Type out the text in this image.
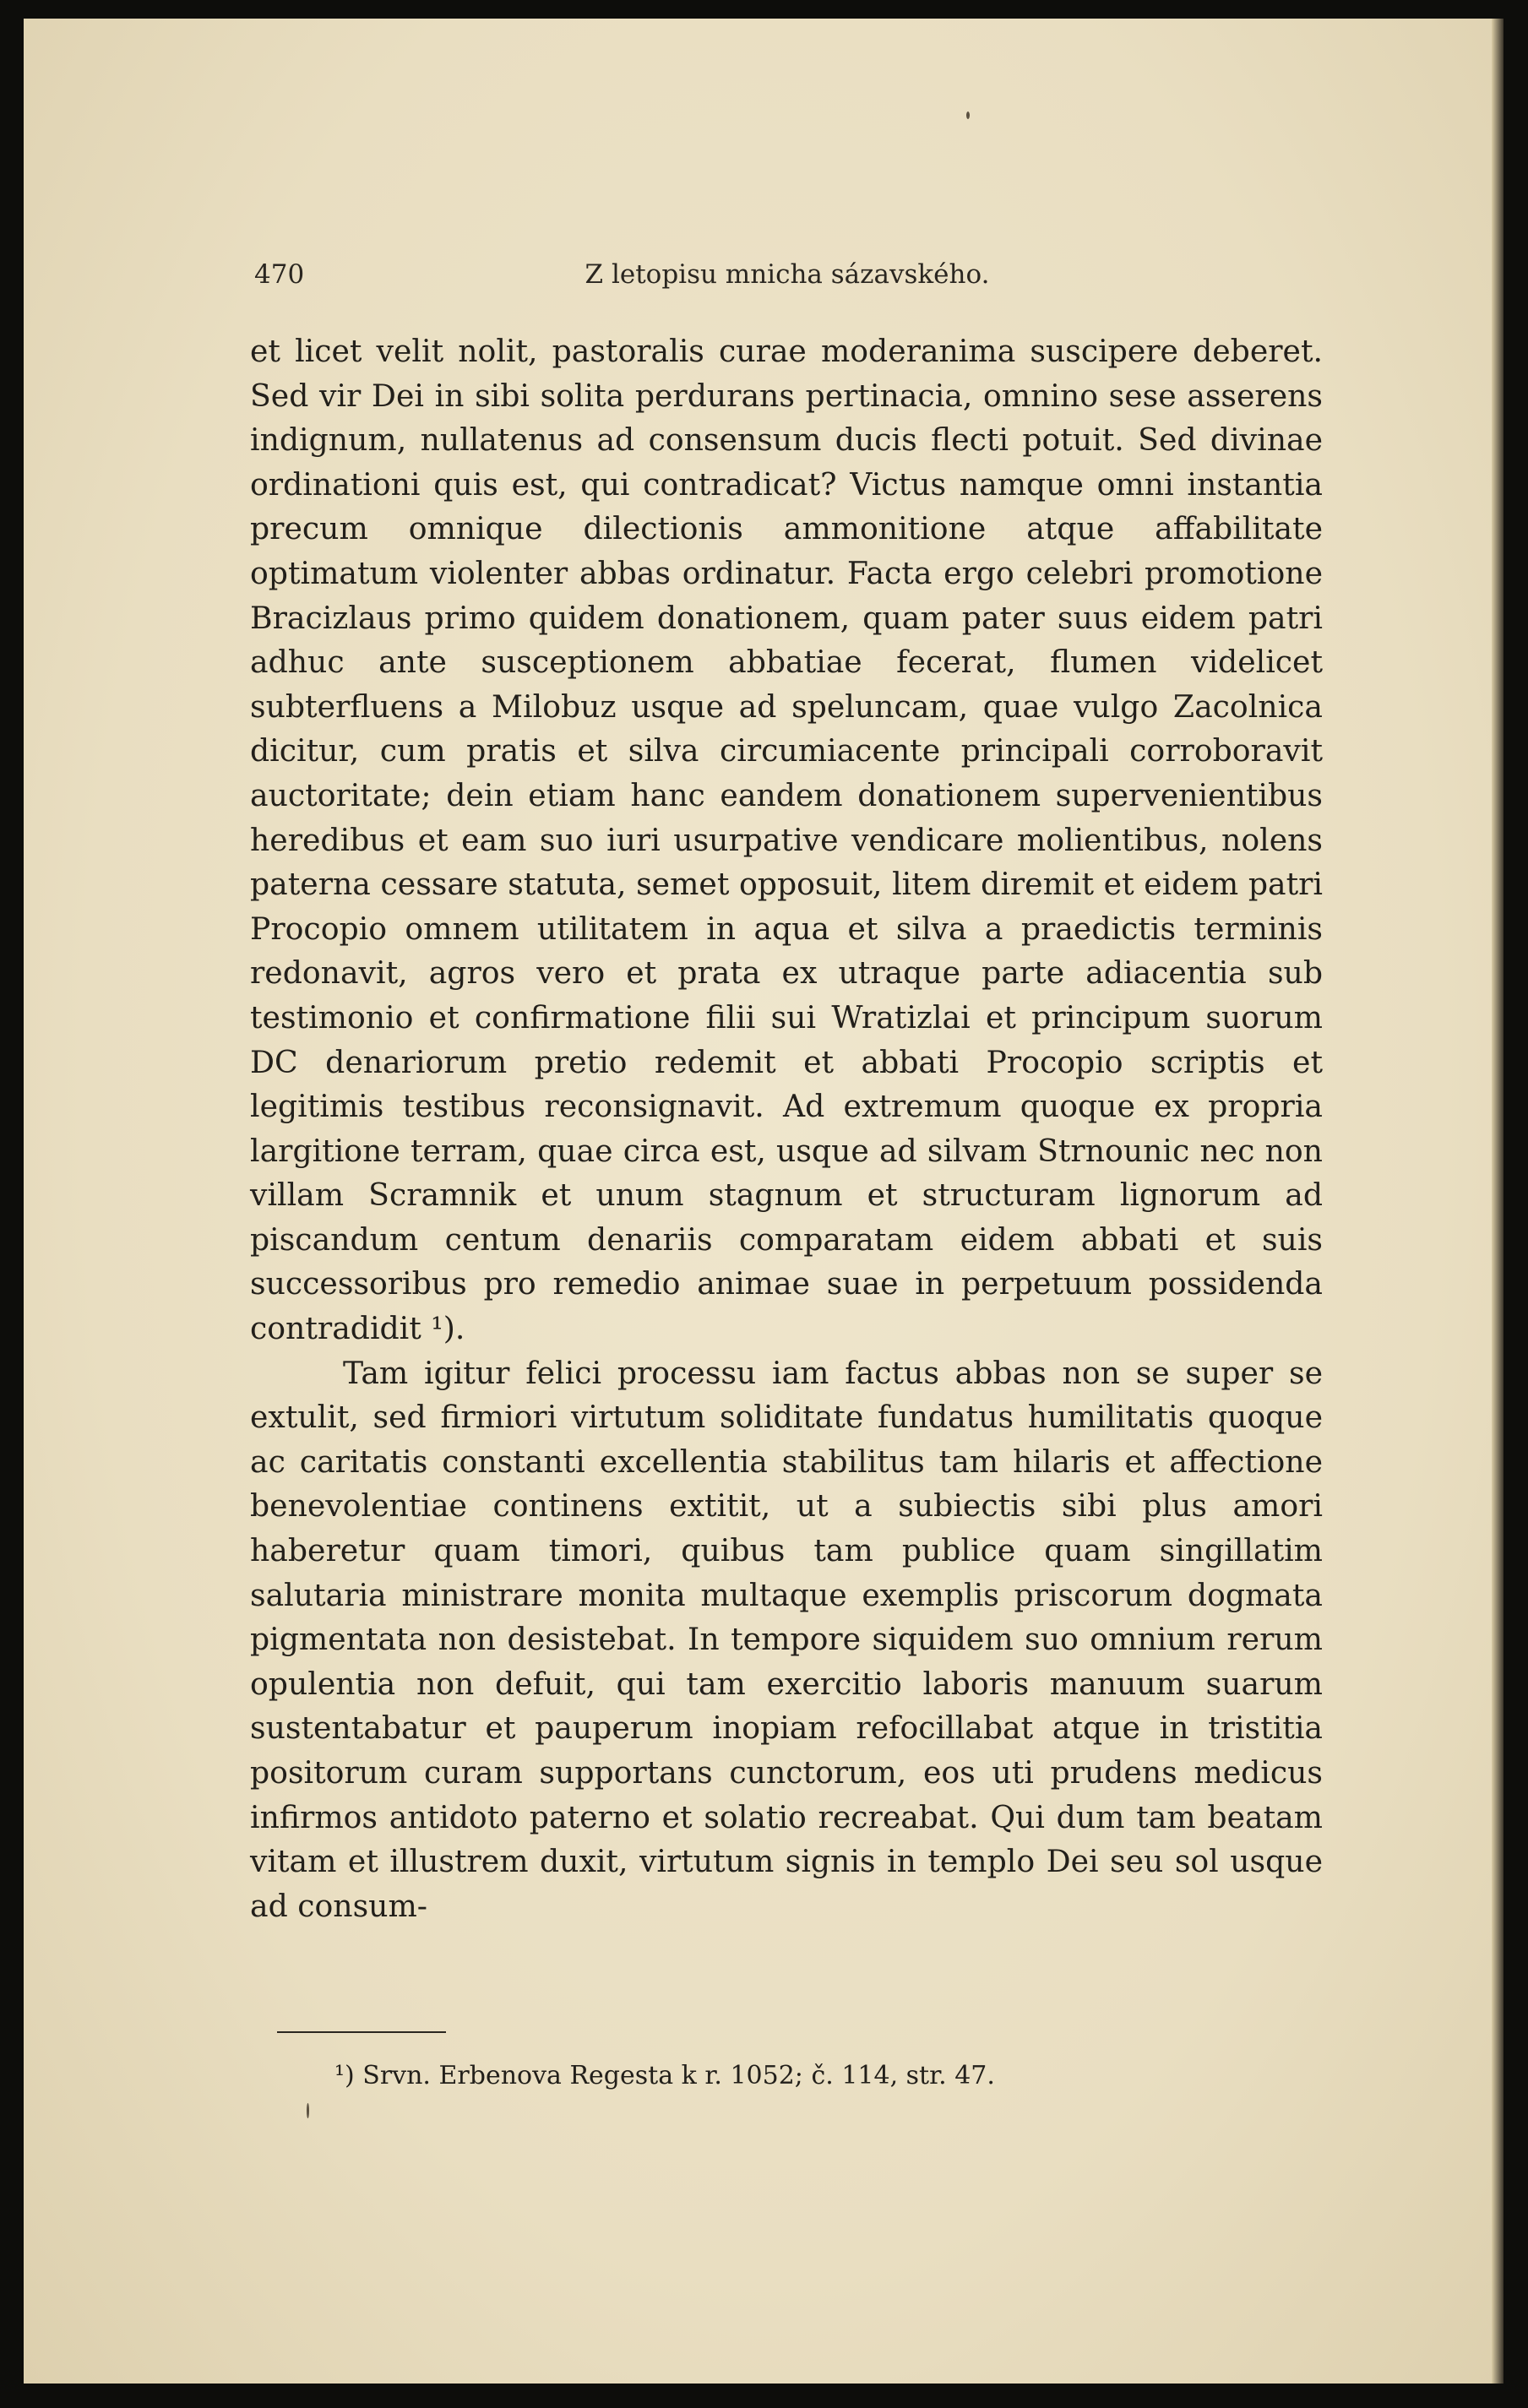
470	Z letopisu mnicha sázavského.

et licet velit nolit, pastoralis curae moderanima suscipere deberet. Sed vir Dei in sibi solita perdurans pertinacia, omnino sese asserens indignum, nullatenus ad consensum ducis flecti potuit. Sed divinae ordinationi quis est, qui contradicat? Victus namque omni instantia precum omnique dilectionis ammonitione atque affabilitate optimatum violenter abbas ordinatur. Facta ergo celebri promotione Bracizlaus primo quidem donationem, quam pater suus eidem patri adhuc ante susceptionem abbatiae fecerat, flumen videlicet subterfluens a Milobuz usque ad speluncam, quae vulgo Zacolnica dicitur, cum pratis et silva circumiacente principali corroboravit auctoritate; dein etiam hanc eandem donationem supervenientibus heredibus et eam suo iuri usurpative vendicare molientibus, nolens paterna cessare statuta, semet opposuit, litem diremit et eidem patri Procopio omnem utilitatem in aqua et silva a praedictis terminis redonavit, agros vero et prata ex utraque parte adiacentia sub testimonio et confirmatione filii sui Wratizlai et principum suorum DC denariorum pretio redemit et abbati Procopio scriptis et legitimis testibus reconsignavit. Ad extremum quoque ex propria largitione terram, quae circa est, usque ad silvam Strnounic nec non villam Scramnik et unum stagnum et structuram lignorum ad piscandum centum denariis comparatam eidem abbati et suis successoribus pro remedio animae suae in perpetuum possidenda contradidit ¹).

Tam igitur felici processu iam factus abbas non se super se extulit, sed firmiori virtutum soliditate fundatus humilitatis quoque ac caritatis constanti excellentia stabilitus tam hilaris et affectione benevolentiae continens extitit, ut a subiectis sibi plus amori haberetur quam timori, quibus tam publice quam singillatim salutaria ministrare monita multaque exemplis priscorum dogmata pigmentata non desistebat. In tempore siquidem suo omnium rerum opulentia non defuit, qui tam exercitio laboris manuum suarum sustentabatur et pauperum inopiam refocillabat atque in tristitia positorum curam supportans cunctorum, eos uti prudens medicus infirmos antidoto paterno et solatio recreabat. Qui dum tam beatam vitam et illustrem duxit, virtutum signis in templo Dei seu sol usque ad consum-

¹) Srvn. Erbenova Regesta k r. 1052; č. 114, str. 47.
